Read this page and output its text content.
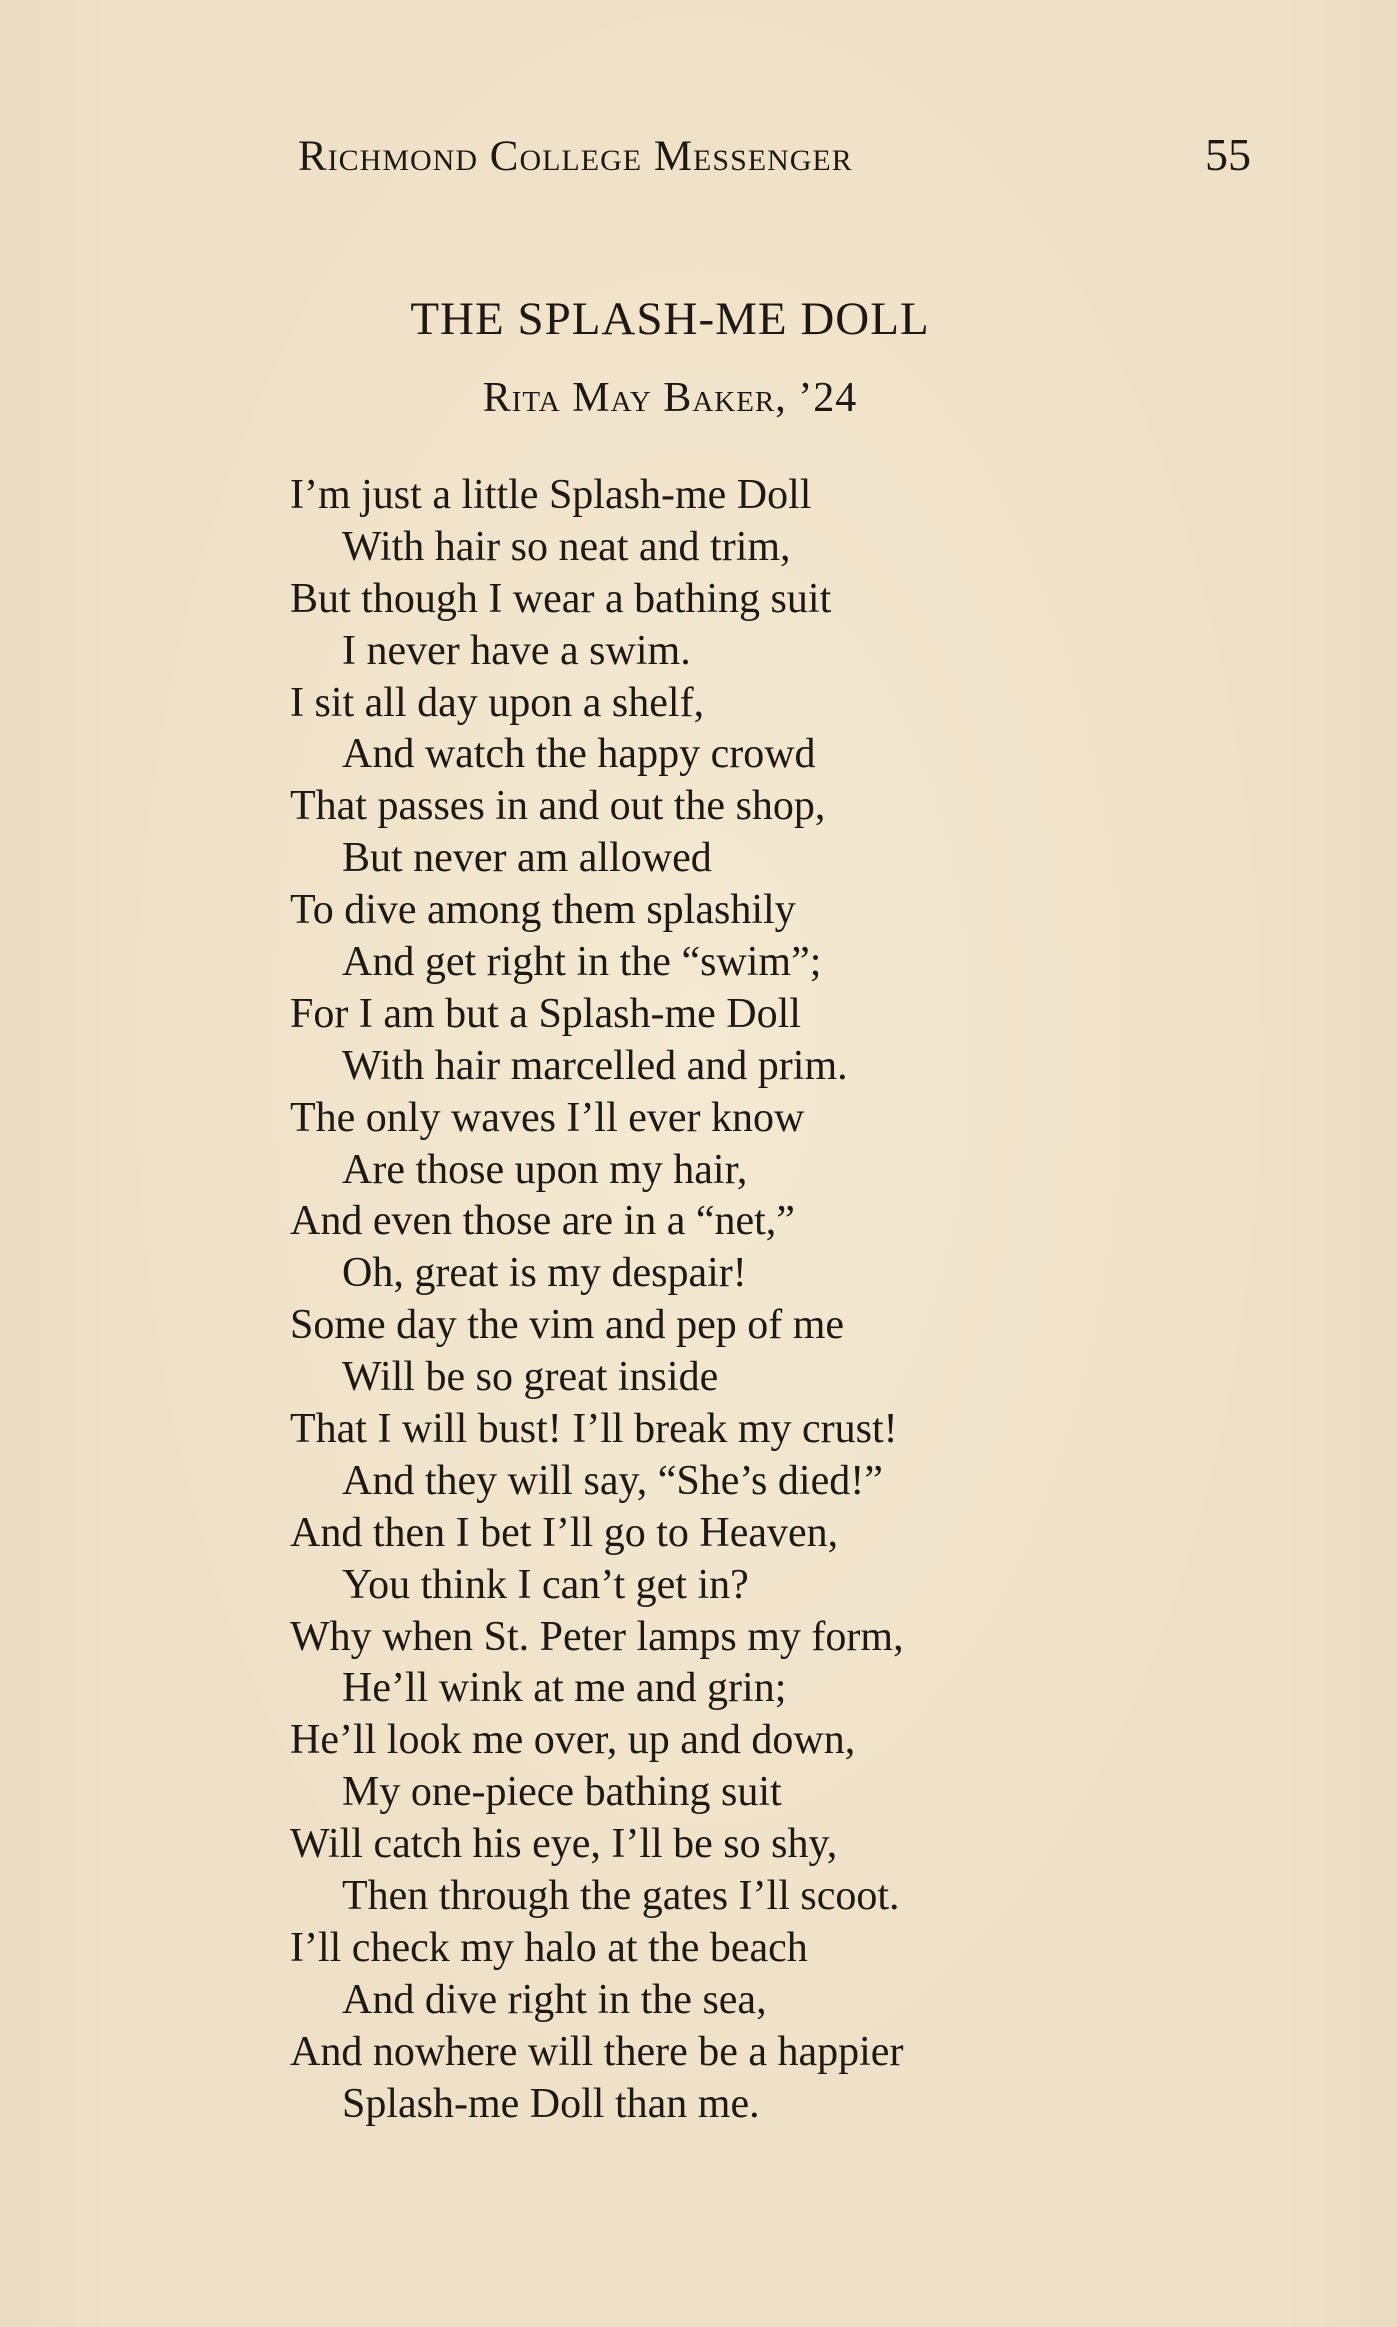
Richmond College Messenger	55
THE SPLASH-ME DOLL
Rita May Baker, ’24
I’m just a little Splash-me Doll
With hair so neat and trim,
But though I wear a bathing suit
I never have a swim.
I sit all day upon a shelf,
And watch the happy crowd
That passes in and out the shop,
But never am allowed
To dive among them splashily
And get right in the “swim”;
For I am but a Splash-me Doll
With hair marcelled and prim.
The only waves I’ll ever know
Are those upon my hair,
And even those are in a “net,”
Oh, great is my despair!
Some day the vim and pep of me
Will be so great inside
That I will bust! I’ll break my crust!
And they will say, “She’s died!”
And then I bet I’ll go to Heaven,
You think I can’t get in?
Why when St. Peter lamps my form,
He’ll wink at me and grin;
He’ll look me over, up and down,
My one-piece bathing suit
Will catch his eye, I’ll be so shy,
Then through the gates I’ll scoot.
I’ll check my halo at the beach
And dive right in the sea,
And nowhere will there be a happier
Splash-me Doll than me.
